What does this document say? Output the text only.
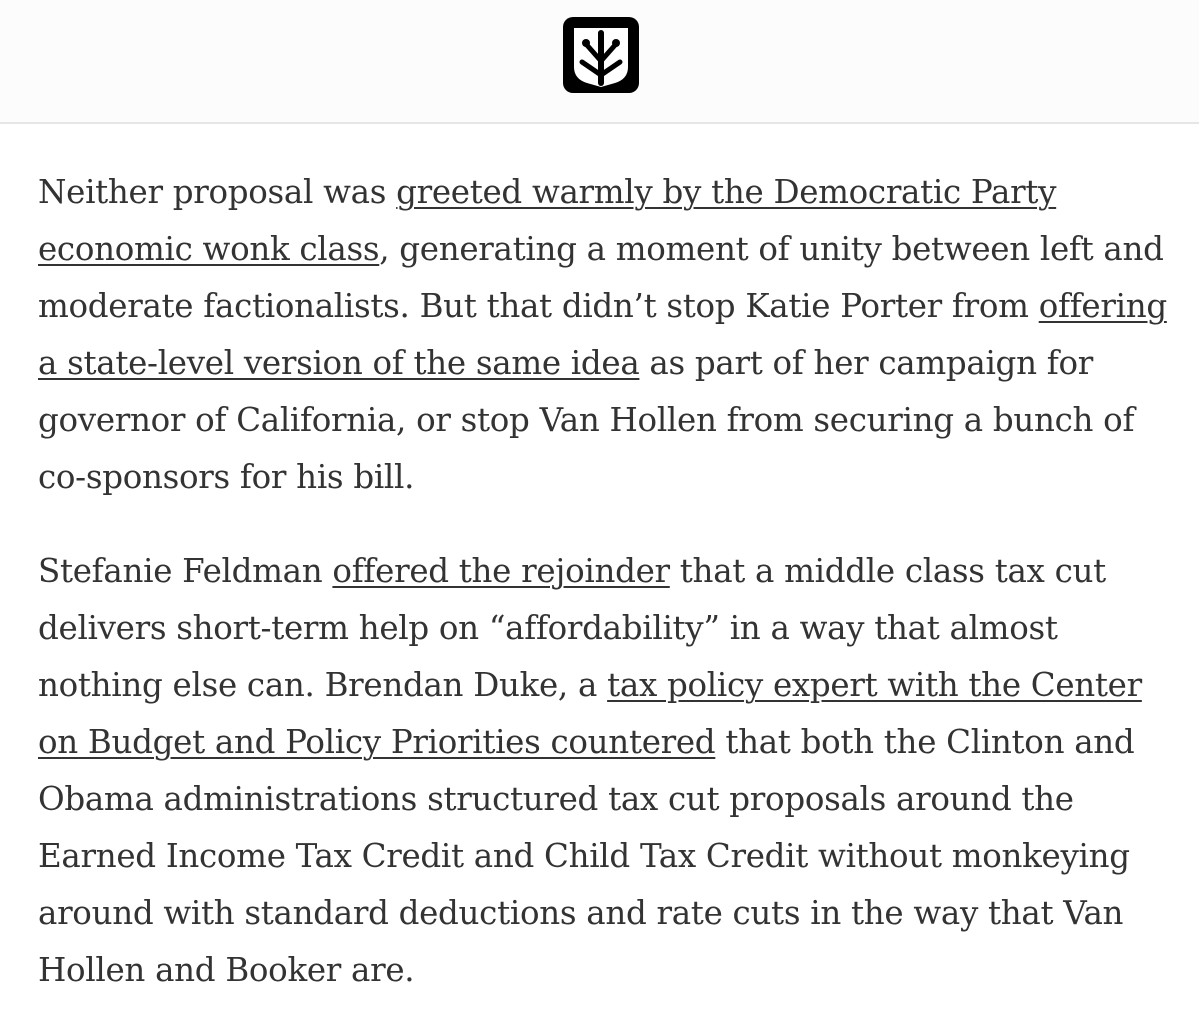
Neither proposal was greeted warmly by the Democratic Party economic wonk class, generating a moment of unity between left and moderate factionalists. But that didn’t stop Katie Porter from offering a state-level version of the same idea as part of her campaign for governor of California, or stop Van Hollen from securing a bunch of co-sponsors for his bill.

Stefanie Feldman offered the rejoinder that a middle class tax cut delivers short-term help on “affordability” in a way that almost nothing else can. Brendan Duke, a tax policy expert with the Center on Budget and Policy Priorities countered that both the Clinton and Obama administrations structured tax cut proposals around the Earned Income Tax Credit and Child Tax Credit without monkeying around with standard deductions and rate cuts in the way that Van Hollen and Booker are.
